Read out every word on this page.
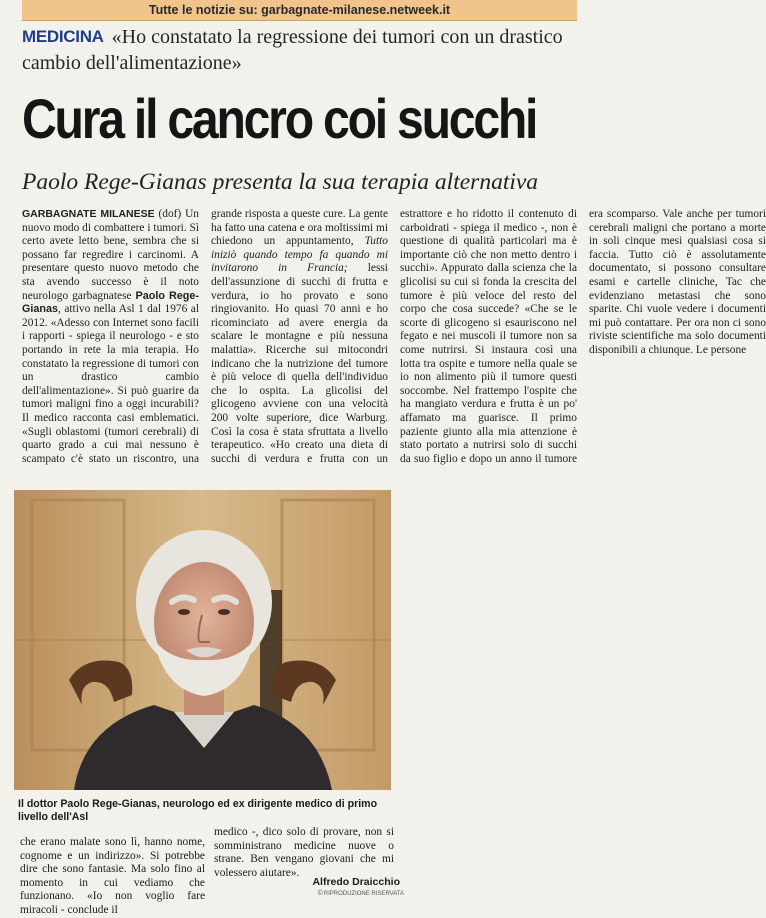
Tutte le notizie su: garbagnate-milanese.netweek.it
MEDICINA «Ho constatato la regressione dei tumori con un drastico cambio dell'alimentazione»
Cura il cancro coi succhi
Paolo Rege-Gianas presenta la sua terapia alternativa

GARBAGNATE MILANESE (dof) Un nuovo modo di combattere i tumori. Sì certo avete letto bene, sembra che si possano far regredire i carcinomi. A presentare questo nuovo metodo che sta avendo successo è il noto neurologo garbagnatese Paolo Rege-Gianas, attivo nella Asl 1 dal 1976 al 2012. «Adesso con Internet sono facili i rapporti - spiega il neurologo - e sto portando in rete la mia terapia. Ho constatato la regressione di tumori con un drastico cambio dell'alimentazione». Si può guarire da tumori maligni fino a oggi incurabili? Il medico racconta casi emblematici. «Sugli oblastomi (tumori cerebrali) di quarto grado a cui mai nessuno è scampato c'è stato un riscontro, una grande risposta a queste cure. La gente ha fatto una catena e ora moltissimi mi chiedono un appuntamento, Tutto iniziò quando tempo fa quando mi invitarono in Francia; lessi dell'assunzione di succhi di frutta e verdura, io ho provato e sono ringiovanito. Ho quasi 70 anni e ho ricominciato ad avere energia da scalare le montagne e più nessuna malattia». Ricerche sui mitocondri indicano che la nutrizione del tumore è più veloce di quella dell'individuo che lo ospita. La glicolisi del glicogeno avviene con una velocità 200 volte superiore, dice Warburg. Così la cosa è stata sfruttata a livello terapeutico. «Ho creato una dieta di succhi di verdura e frutta con un estrattore e ho ridotto il contenuto di carboidrati - spiega il medico -, non è questione di qualità particolari ma è importante ciò che non metto dentro i succhi». Appurato dalla scienza che la glicolisi su cui si fonda la crescita del tumore è più veloce del resto del corpo che cosa succede? «Che se le scorte di glicogeno si esauriscono nel fegato e nei muscoli il tumore non sa come nutrirsi. Si instaura così una lotta tra ospite e tumore nella quale se io non alimento più il tumore questi soccombe. Nel frattempo l'ospite che ha mangiato verdura e frutta è un po' affamato ma guarisce. Il primo paziente giunto alla mia attenzione è stato portato a nutrirsi solo di succhi da suo figlio e dopo un anno il tumore era scomparso. Vale anche per tumori cerebrali maligni che portano a morte in soli cinque mesi qualsiasi cosa si faccia. Tutto ciò è assolutamente documentato, si possono consultare esami e cartelle cliniche, Tac che evidenziano metastasi che sono sparite. Chi vuole vedere i documenti mi può contattare. Per ora non ci sono riviste scientifiche ma solo documenti disponibili a chiunque. Le persone

Il dottor Paolo Rege-Gianas, neurologo ed ex dirigente medico di primo livello dell'Asl
che erano malate sono lì, hanno nome, cognome e un indirizzo». Si potrebbe dire che sono fantasie. Ma solo fino al momento in cui vediamo che funzionano. «Io non voglio fare miracoli - conclude il
medico -, dico solo di provare, non si somministrano medicine nuove o strane. Ben vengano giovani che mi volessero aiutare».
Alfredo Draicchio
©RIPRODUZIONE RISERVATA
